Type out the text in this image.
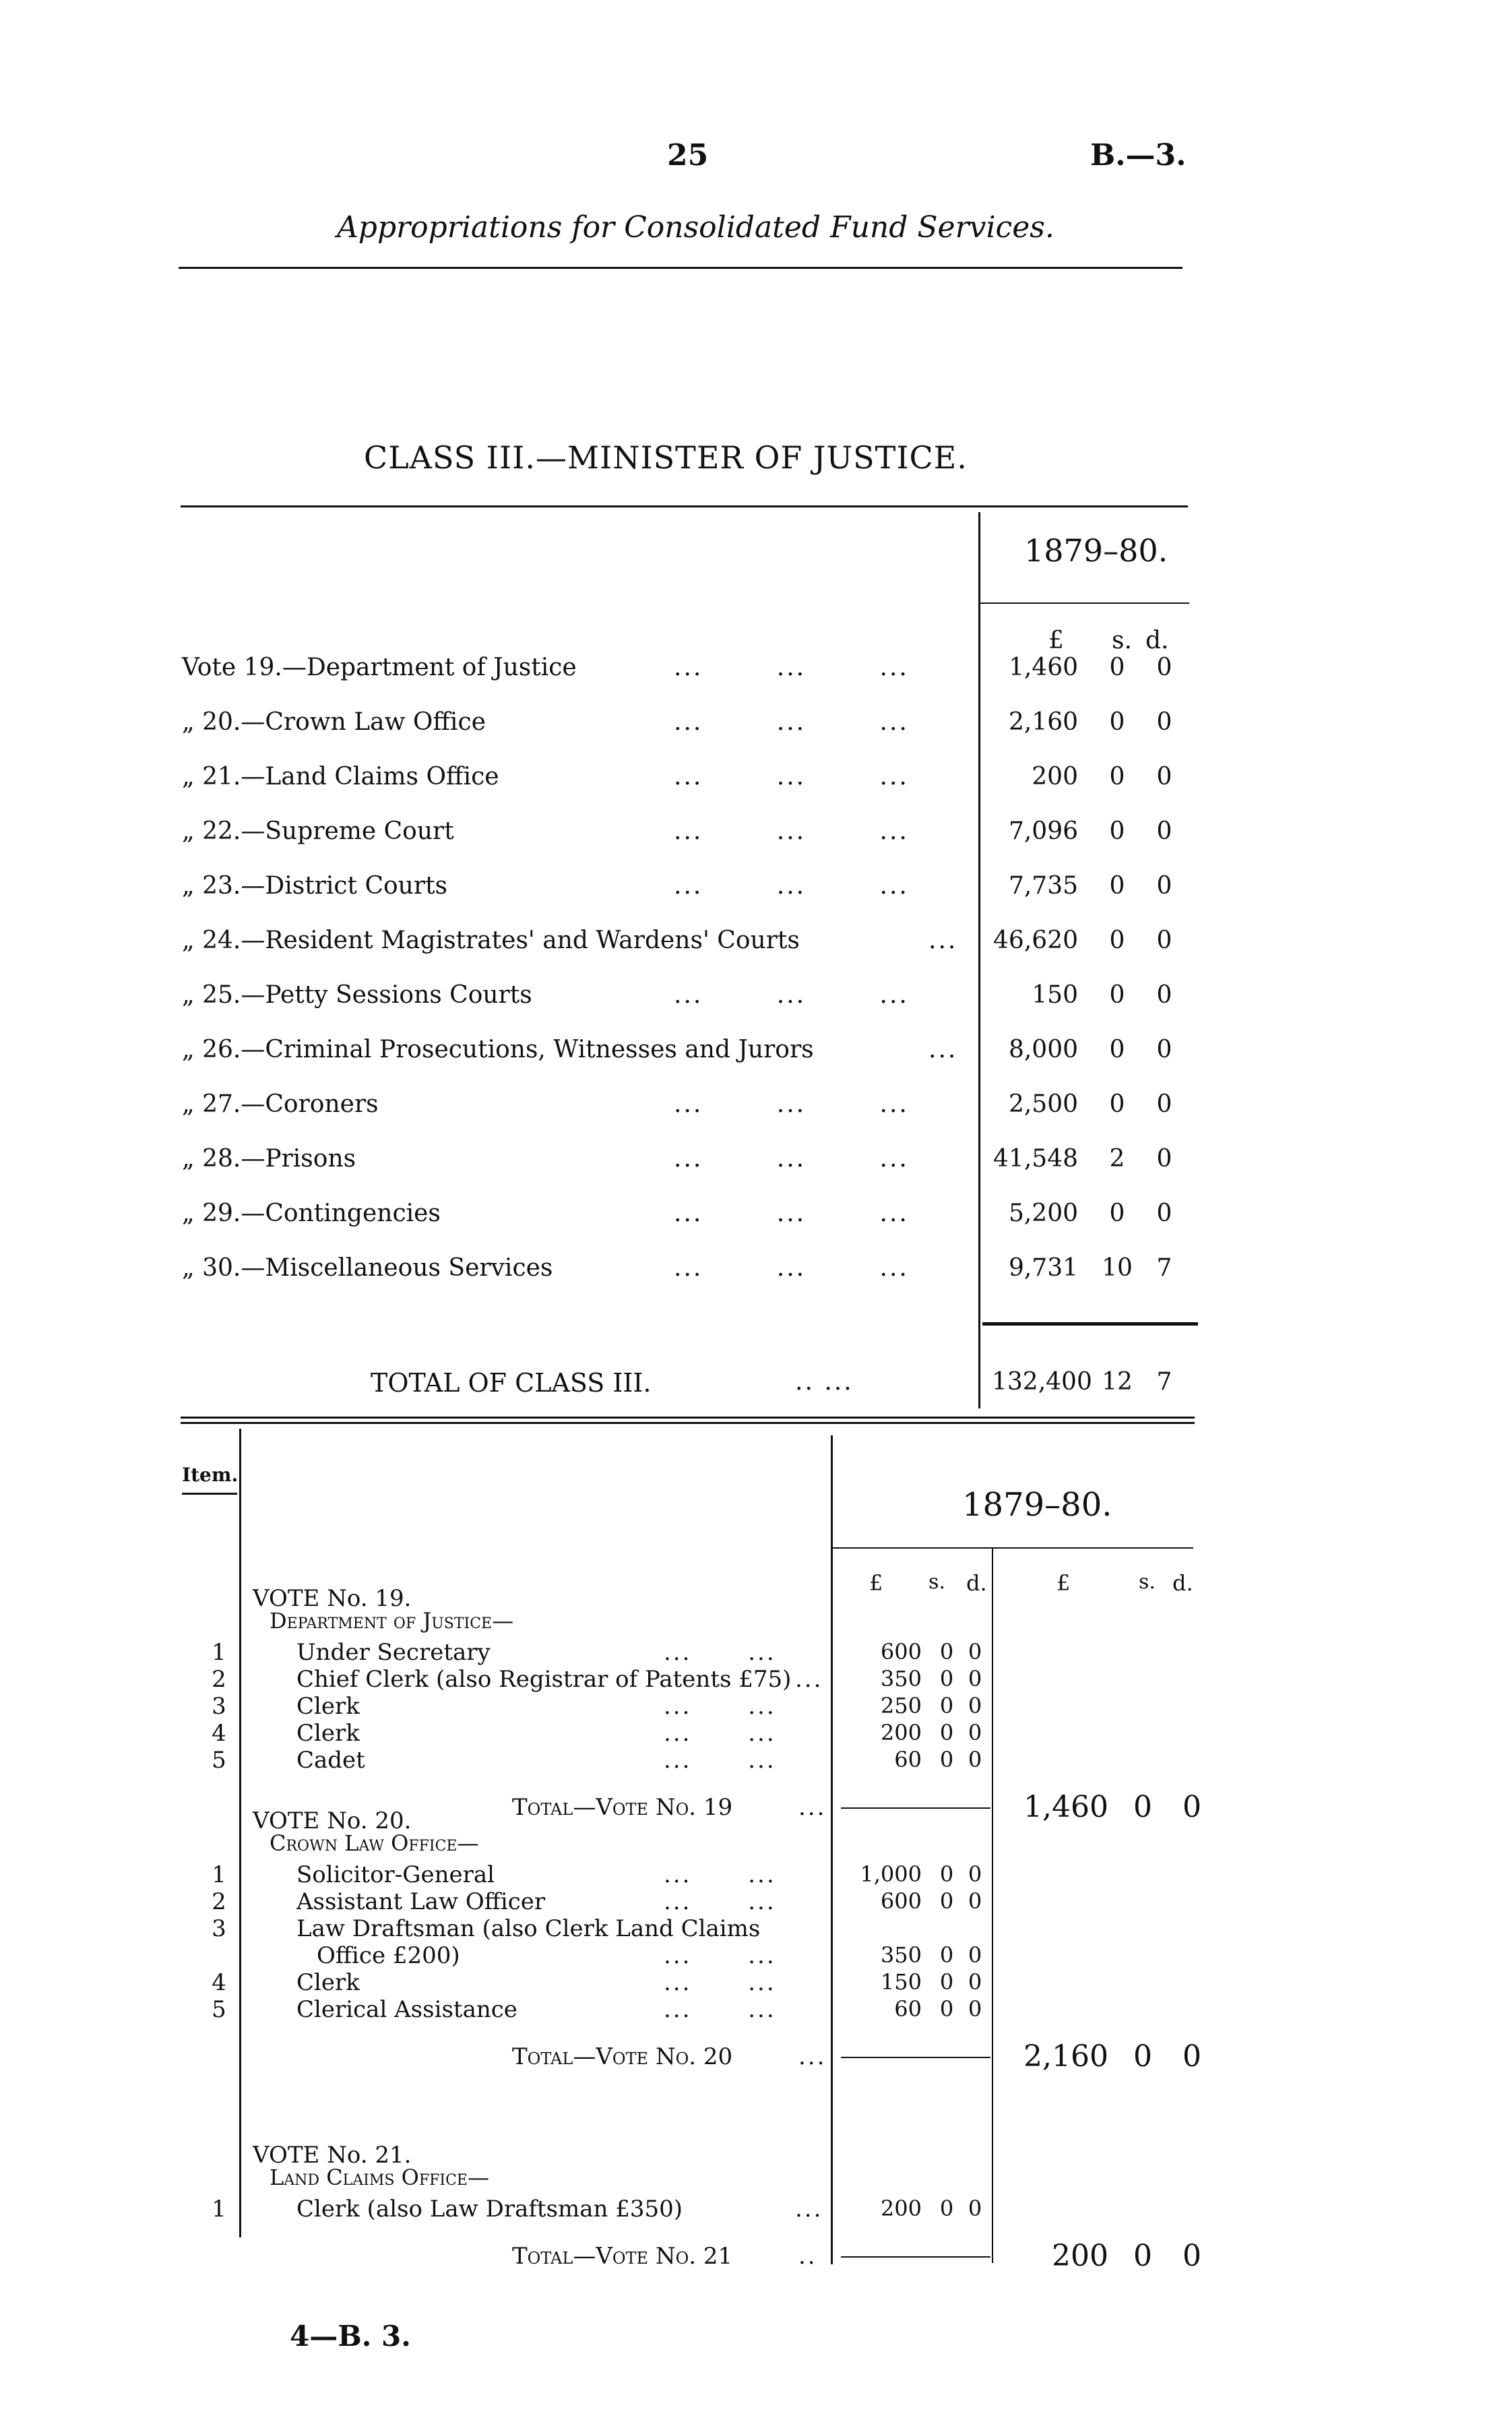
25	B.—3.
Appropriations for Consolidated Fund Services.
CLASS III.—MINISTER OF JUSTICE.
1879–80.
£ s. d.
Vote 19.—Department of Justice	... ... ...	1,460	0	0
„ 20.—Crown Law Office	... ... ...	2,160	0	0
„ 21.—Land Claims Office	... ... ...	200	0	0
„ 22.—Supreme Court	... ... ...	7,096	0	0
„ 23.—District Courts	... ... ...	7,735	0	0
„ 24.—Resident Magistrates' and Wardens' Courts	...	46,620	0	0
„ 25.—Petty Sessions Courts	... ... ...	150	0	0
„ 26.—Criminal Prosecutions, Witnesses and Jurors	...	8,000	0	0
„ 27.—Coroners	... ... ...	2,500	0	0
„ 28.—Prisons	... ... ...	41,548	2	0
„ 29.—Contingencies	... ... ...	5,200	0	0
„ 30.—Miscellaneous Services	... ... ...	9,731 10 7
TOTAL OF CLASS III.	.. ...	132,400 12 7
Item.
1879–80.
£ s. d.	£	s. d.
VOTE No. 19.
Department of Justice—
1	Under Secretary	... ...	600 0 0
2	Chief Clerk (also Registrar of Patents £75) ...	350 0 0
3	Clerk	... ...	250 0 0
4	Clerk	... ...	200 0 0
5	Cadet	... ...	60 0 0
Total—Vote No. 19	...	1,460 0 0
VOTE No. 20.
Crown Law Office—
1	Solicitor-General	... ...	1,000 0 0
2	Assistant Law Officer	... ...	600 0 0
3	Law Draftsman (also Clerk Land Claims
Office £200)	... ...	350 0 0
4	Clerk	... ...	150 0 0
5	Clerical Assistance	... ...	60 0 0
Total—Vote No. 20	...	2,160 0 0
VOTE No. 21.
Land Claims Office—
1	Clerk (also Law Draftsman £350)	...	200 0 0
Total—Vote No. 21	..	200 0 0
4—B. 3.
